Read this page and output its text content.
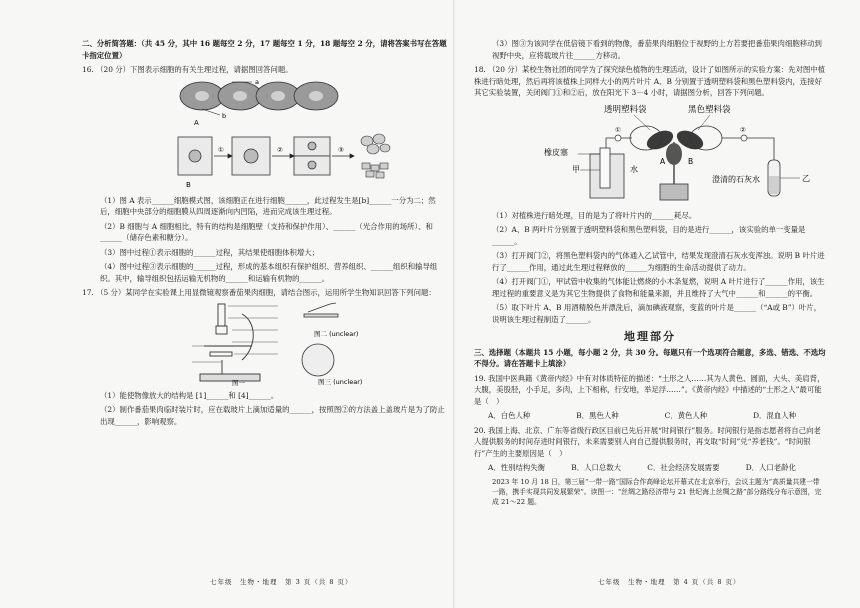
二、分析简答题：（共 45 分，其中 16 题每空 2 分，17 题每空 1 分，18 题每空 2 分，请将答案书写在答题卡指定位置）

16. （20 分）下图表示细胞的有关生理过程，请据图回答问题。

a
b
A
①	②	③
B

（1）图 A 表示______细胞模式图，该细胞正在进行细胞______，此过程发生是[b]______一分为二；然后，细胞中央部分的细胞膜从四周逐渐向内凹陷，进而完成该生理过程。

（2）B 细胞与 A 细胞相比，特有的结构是细胞壁（支持和保护作用）、______（光合作用的场所）、和______（储存色素和糖分）。

（3）图中过程①表示细胞的______过程，其结果使细胞体积增大；

（4）图中过程③表示细胞的______过程，形成的基本组织有保护组织、营养组织、______组织和输导组织。其中，输导组织包括运输无机物的______和运输有机物的______。

17. （5 分）某同学在实验课上用显微镜观察番茄果肉细胞，请结合图示，运用所学生物知识回答下列问题：

图一
图二 (unclear)
图三 (unclear)

（1）能使物像放大的结构是 [1]______和 [4]______。

（2）制作番茄果肉临时装片时，应在载玻片上滴加适量的______，按照图②的方法盖上盖玻片是为了防止出现______，影响观察。

七年级　生物・地理　第 3 页（共 8 页）

（3）图③为该同学在低倍镜下看到的物像，番茄果肉细胞位于视野的上方若要把番茄果肉细胞移动到视野中央，应将载玻片往______方移动。

18. （20 分）某校生物社团的同学为了探究绿色植物的生理活动，设计了如图所示的实验方案：先对图中植株进行暗处理，然后再将该植株上同样大小的两片叶片 A、B 分别置于透明塑料袋和黑色塑料袋内，连接好其它实验装置，关闭阀门①和②后，放在阳光下 3－4 小时，请据图分析，回答下列问题。

透明塑料袋	黑色塑料袋
A	B
①	②
橡皮塞
甲	水
澄清的石灰水	乙

（1）对植株进行暗处理，目的是为了将叶片内的______耗尽。

（2）A、B 两叶片分别置于透明塑料袋和黑色塑料袋，目的是进行______，该实验的单一变量是______。

（3）打开阀门②，将黑色塑料袋内的气体通入乙试管中，结果发现澄清石灰水变浑浊。说明 B 叶片进行了______作用，通过此生理过程释放的______为细胞的生命活动提供了动力。

（4）打开阀门①，甲试管中收集的气体能让燃烧的小木条复燃，说明 A 叶片进行了______作用，该生理过程的重要意义是为其它生物提供了食物和能量来源，并且维持了大气中______和______的平衡。

（5）取下叶片 A、B 用酒精脱色并漂洗后，滴加碘液观察，变蓝的叶片是______（“A或 B”）叶片，说明该生理过程制造了______。

地理部分

三、选择题（本题共 15 小题，每小题 2 分，共 30 分。每题只有一个选项符合题意，多选、错选、不选均不得分。请在答题卡上填涂）

19. 我国中医典籍《黄帝内经》中有对体质特征的描述：“土形之人……其为人黄色、圆面，大头、美肩背，大腹，美股胫，小手足，多肉，上下相称，行安地，举足浮……”。《黄帝内经》中描述的“土形之人”最可能是（　）

A．白色人种	B．黑色人种	C．黄色人种	D．混血人种

20. 我国上海、北京、广东等省级行政区目前已先后开展“时间银行”服务。时间银行是指志愿者将自己向老人提供服务的时间存进时间银行，未来需要别人向自己提供服务时，再支取“时间”兑“养老钱”。“时间银行”产生的主要原因是（　）

A．性别结构失衡	B．人口总数大	C．社会经济发展需要	D．人口老龄化

2023 年 10 月 18 日，第三届“一带一路”国际合作高峰论坛开幕式在北京举行，会议主题为“高质量共建一带一路，携手实现共同发展繁荣”。读图一：“丝绸之路经济带与 21 世纪海上丝绸之路”部分路线分布示意图，完成 21～22 题。

七年级　生物・地理　第 4 页（共 8 页）
